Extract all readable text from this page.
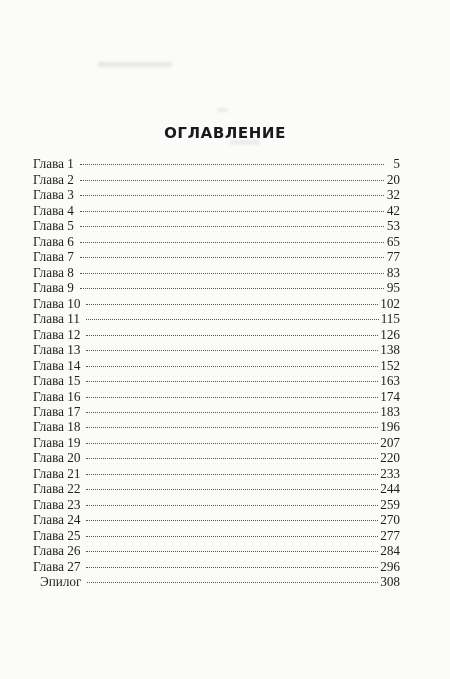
ОГЛАВЛЕНИЕ
Глава 1	5
Глава 2	20
Глава 3	32
Глава 4	42
Глава 5	53
Глава 6	65
Глава 7	77
Глава 8	83
Глава 9	95
Глава 10	102
Глава 11	115
Глава 12	126
Глава 13	138
Глава 14	152
Глава 15	163
Глава 16	174
Глава 17	183
Глава 18	196
Глава 19	207
Глава 20	220
Глава 21	233
Глава 22	244
Глава 23	259
Глава 24	270
Глава 25	277
Глава 26	284
Глава 27	296
Эпилог	308
